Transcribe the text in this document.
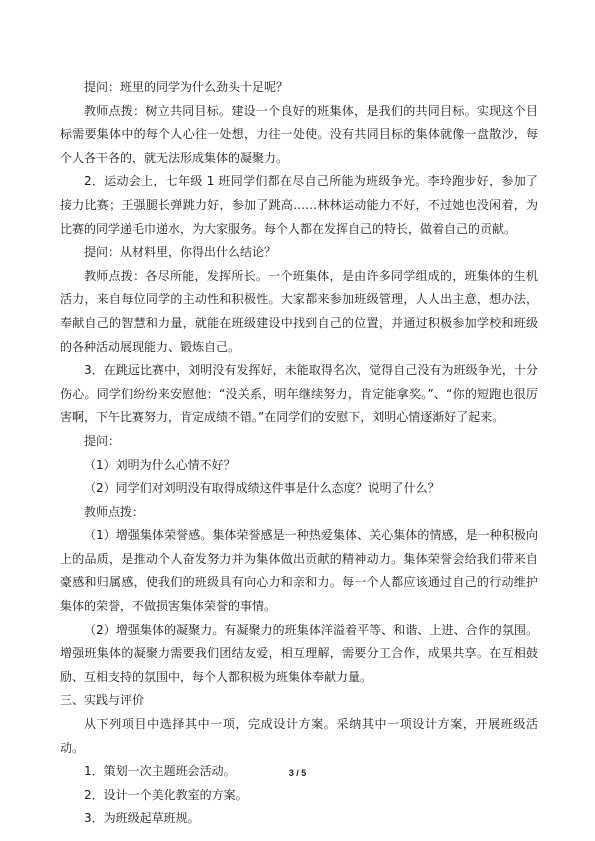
提问：班里的同学为什么劲头十足呢？

教师点拨：树立共同目标。建设一个良好的班集体，是我们的共同目标。实现这个目标需要集体中的每个人心往一处想，力往一处使。没有共同目标的集体就像一盘散沙，每个人各干各的，就无法形成集体的凝聚力。

2．运动会上，七年级 1 班同学们都在尽自己所能为班级争光。李玲跑步好，参加了接力比赛；王强腿长弹跳力好，参加了跳高……林林运动能力不好，不过她也没闲着，为比赛的同学递毛巾递水，为大家服务。每个人都在发挥自己的特长，做着自己的贡献。

提问：从材料里，你得出什么结论？

教师点拨：各尽所能，发挥所长。一个班集体，是由许多同学组成的，班集体的生机活力，来自每位同学的主动性和积极性。大家都来参加班级管理，人人出主意，想办法，奉献自己的智慧和力量，就能在班级建设中找到自己的位置，并通过积极参加学校和班级的各种活动展现能力、锻炼自己。

3．在跳远比赛中，刘明没有发挥好，未能取得名次，觉得自己没有为班级争光，十分伤心。同学们纷纷来安慰他：“没关系，明年继续努力，肯定能拿奖。”、“你的短跑也很厉害啊，下午比赛努力，肯定成绩不错。”在同学们的安慰下，刘明心情逐渐好了起来。

提问：

（1）刘明为什么心情不好？

（2）同学们对刘明没有取得成绩这件事是什么态度？说明了什么？

教师点拨：

（1）增强集体荣誉感。集体荣誉感是一种热爱集体、关心集体的情感，是一种积极向上的品质，是推动个人奋发努力并为集体做出贡献的精神动力。集体荣誉会给我们带来自豪感和归属感，使我们的班级具有向心力和亲和力。每一个人都应该通过自己的行动维护集体的荣誉，不做损害集体荣誉的事情。

（2）增强集体的凝聚力。有凝聚力的班集体洋溢着平等、和谐、上进、合作的氛围。增强班集体的凝聚力需要我们团结友爱，相互理解，需要分工合作，成果共享。在互相鼓励、互相支持的氛围中，每个人都积极为班集体奉献力量。

三、实践与评价

从下列项目中选择其中一项，完成设计方案。采纳其中一项设计方案，开展班级活动。

1．策划一次主题班会活动。

2．设计一个美化教室的方案。

3．为班级起草班规。

3 / 5
